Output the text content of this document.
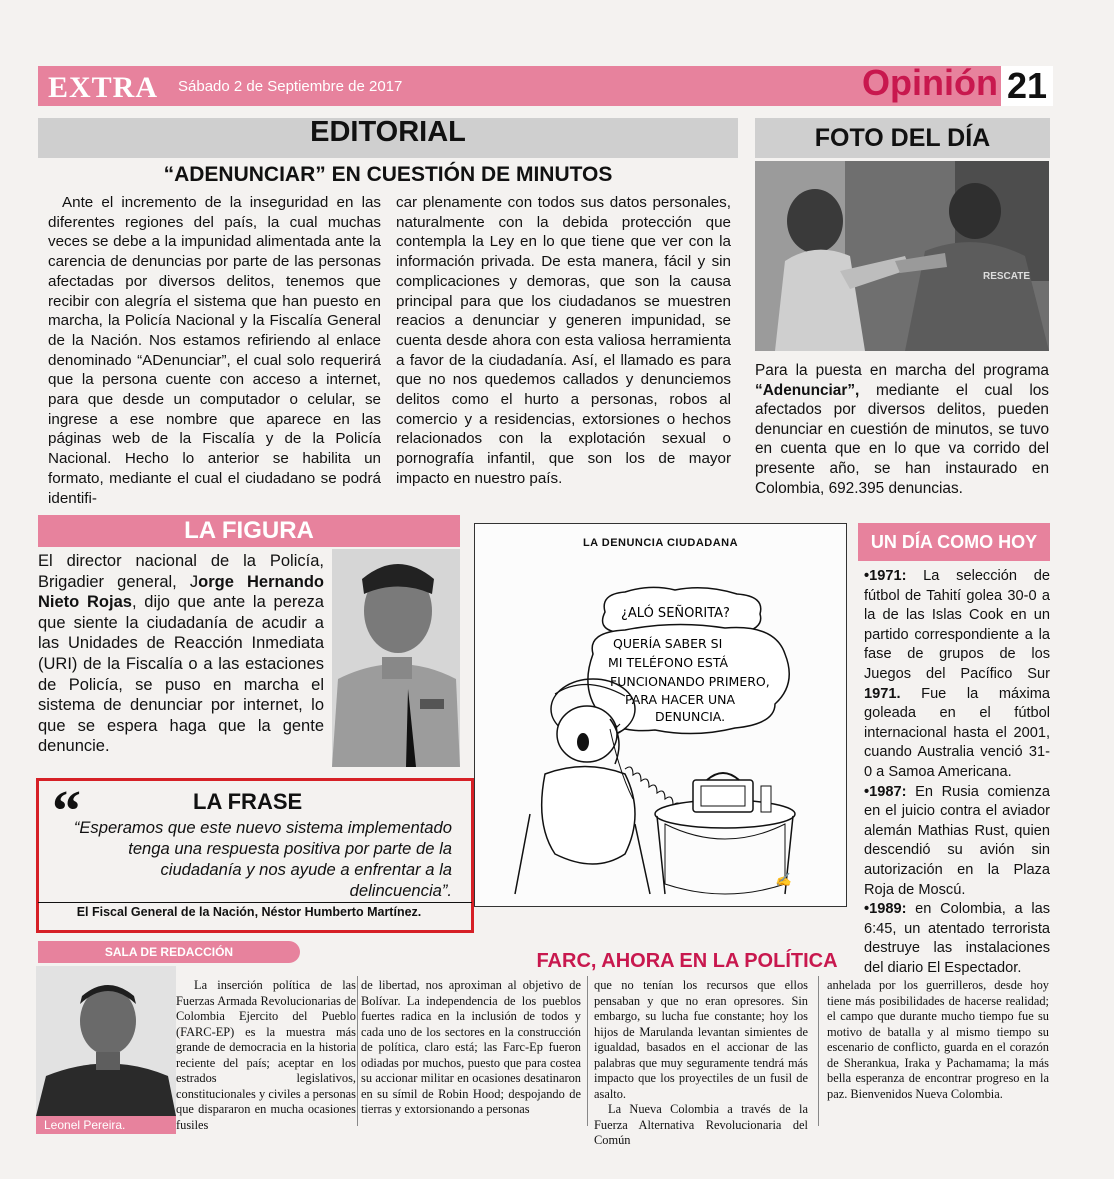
EXTRA Sábado 2 de Septiembre de 2017	Opinión 21
EDITORIAL
“ADENUNCIAR” EN CUESTIÓN DE MINUTOS
Ante el incremento de la inseguridad en las diferentes regiones del país, la cual muchas veces se debe a la impunidad alimentada ante la carencia de denuncias por parte de las personas afectadas por diversos delitos, tenemos que recibir con alegría el sistema que han puesto en marcha, la Policía Nacional y la Fiscalía General de la Nación. Nos estamos refiriendo al enlace denominado “ADenunciar”, el cual solo requerirá que la persona cuente con acceso a internet, para que desde un computador o celular, se ingrese a ese nombre que aparece en las páginas web de la Fiscalía y de la Policía Nacional. Hecho lo anterior se habilita un formato, mediante el cual el ciudadano se podrá identifi-
car plenamente con todos sus datos personales, naturalmente con la debida protección que contempla la Ley en lo que tiene que ver con la información privada. De esta manera, fácil y sin complicaciones y demoras, que son la causa principal para que los ciudadanos se muestren reacios a denunciar y generen impunidad, se cuenta desde ahora con esta valiosa herramienta a favor de la ciudadanía. Así, el llamado es para que no nos quedemos callados y denunciemos delitos como el hurto a personas, robos al comercio y a residencias, extorsiones o hechos relacionados con la explotación sexual o pornografía infantil, que son los de mayor impacto en nuestro país.
FOTO DEL DÍA
RESCATE
Para la puesta en marcha del programa “Adenunciar”, mediante el cual los afectados por diversos delitos, pueden denunciar en cuestión de minutos, se tuvo en cuenta que en lo que va corrido del presente año, se han instaurado en Colombia, 692.395 denuncias.
LA FIGURA
El director nacional de la Policía, Brigadier general, Jorge Hernando Nieto Rojas, dijo que ante la pereza que siente la ciudadanía de acudir a las Unidades de Reacción Inmediata (URI) de la Fiscalía o a las estaciones de Policía, se puso en marcha el sistema de denunciar por internet, lo que se espera haga que la gente denuncie.
“	LA FRASE
“Esperamos que este nuevo sistema implementado tenga una respuesta positiva por parte de la ciudadanía y nos ayude a enfrentar a la delincuencia”.
El Fiscal General de la Nación, Néstor Humberto Martínez.
¿ALÓ SEÑORITA?
QUERÍA SABER SI
MI TELÉFONO ESTÁ
FUNCIONANDO PRIMERO,
PARA HACER UNA
DENUNCIA.
✍
LA DENUNCIA CIUDADANA	UN DÍA COMO HOY
•1971: La selección de fútbol de Tahití golea 30-0 a la de las Islas Cook en un partido correspondiente a la fase de grupos de los Juegos del Pacífico Sur 1971. Fue la máxima goleada en el fútbol internacional hasta el 2001, cuando Australia venció 31-0 a Samoa Americana.
•1987: En Rusia comienza en el juicio contra el aviador alemán Mathias Rust, quien descendió su avión sin autorización en la Plaza Roja de Moscú.
•1989: en Colombia, a las 6:45, un atentado terrorista destruye las instalaciones del diario El Espectador.
SALA DE REDACCIÓN	FARC, AHORA EN LA POLÍTICA
Leonel Pereira.
La inserción política de las Fuerzas Armada Revolucionarias de Colombia Ejercito del Pueblo (FARC-EP) es la muestra más grande de democracia en la historia reciente del país; aceptar en los estrados legislativos, constitucionales y civiles a personas que dispararon en mucha ocasiones fusiles
de libertad, nos aproximan al objetivo de Bolívar. La independencia de los pueblos fuertes radica en la inclusión de todos y cada uno de los sectores en la construcción de política, claro está; las Farc-Ep fueron odiadas por muchos, puesto que para costea su accionar militar en ocasiones desatinaron en su símil de Robin Hood; despojando de tierras y extorsionando a personas
que no tenían los recursos que ellos pensaban y que no eran opresores. Sin embargo, su lucha fue constante; hoy los hijos de Marulanda levantan simientes de igualdad, basados en el accionar de las palabras que muy seguramente tendrá más impacto que los proyectiles de un fusil de asalto.
La Nueva Colombia a través de la Fuerza Alternativa Revolucionaria del Común
anhelada por los guerrilleros, desde hoy tiene más posibilidades de hacerse realidad; el campo que durante mucho tiempo fue su motivo de batalla y al mismo tiempo su escenario de conflicto, guarda en el corazón de Sherankua, Iraka y Pachamama; la más bella esperanza de encontrar progreso en la paz. Bienvenidos Nueva Colombia.
